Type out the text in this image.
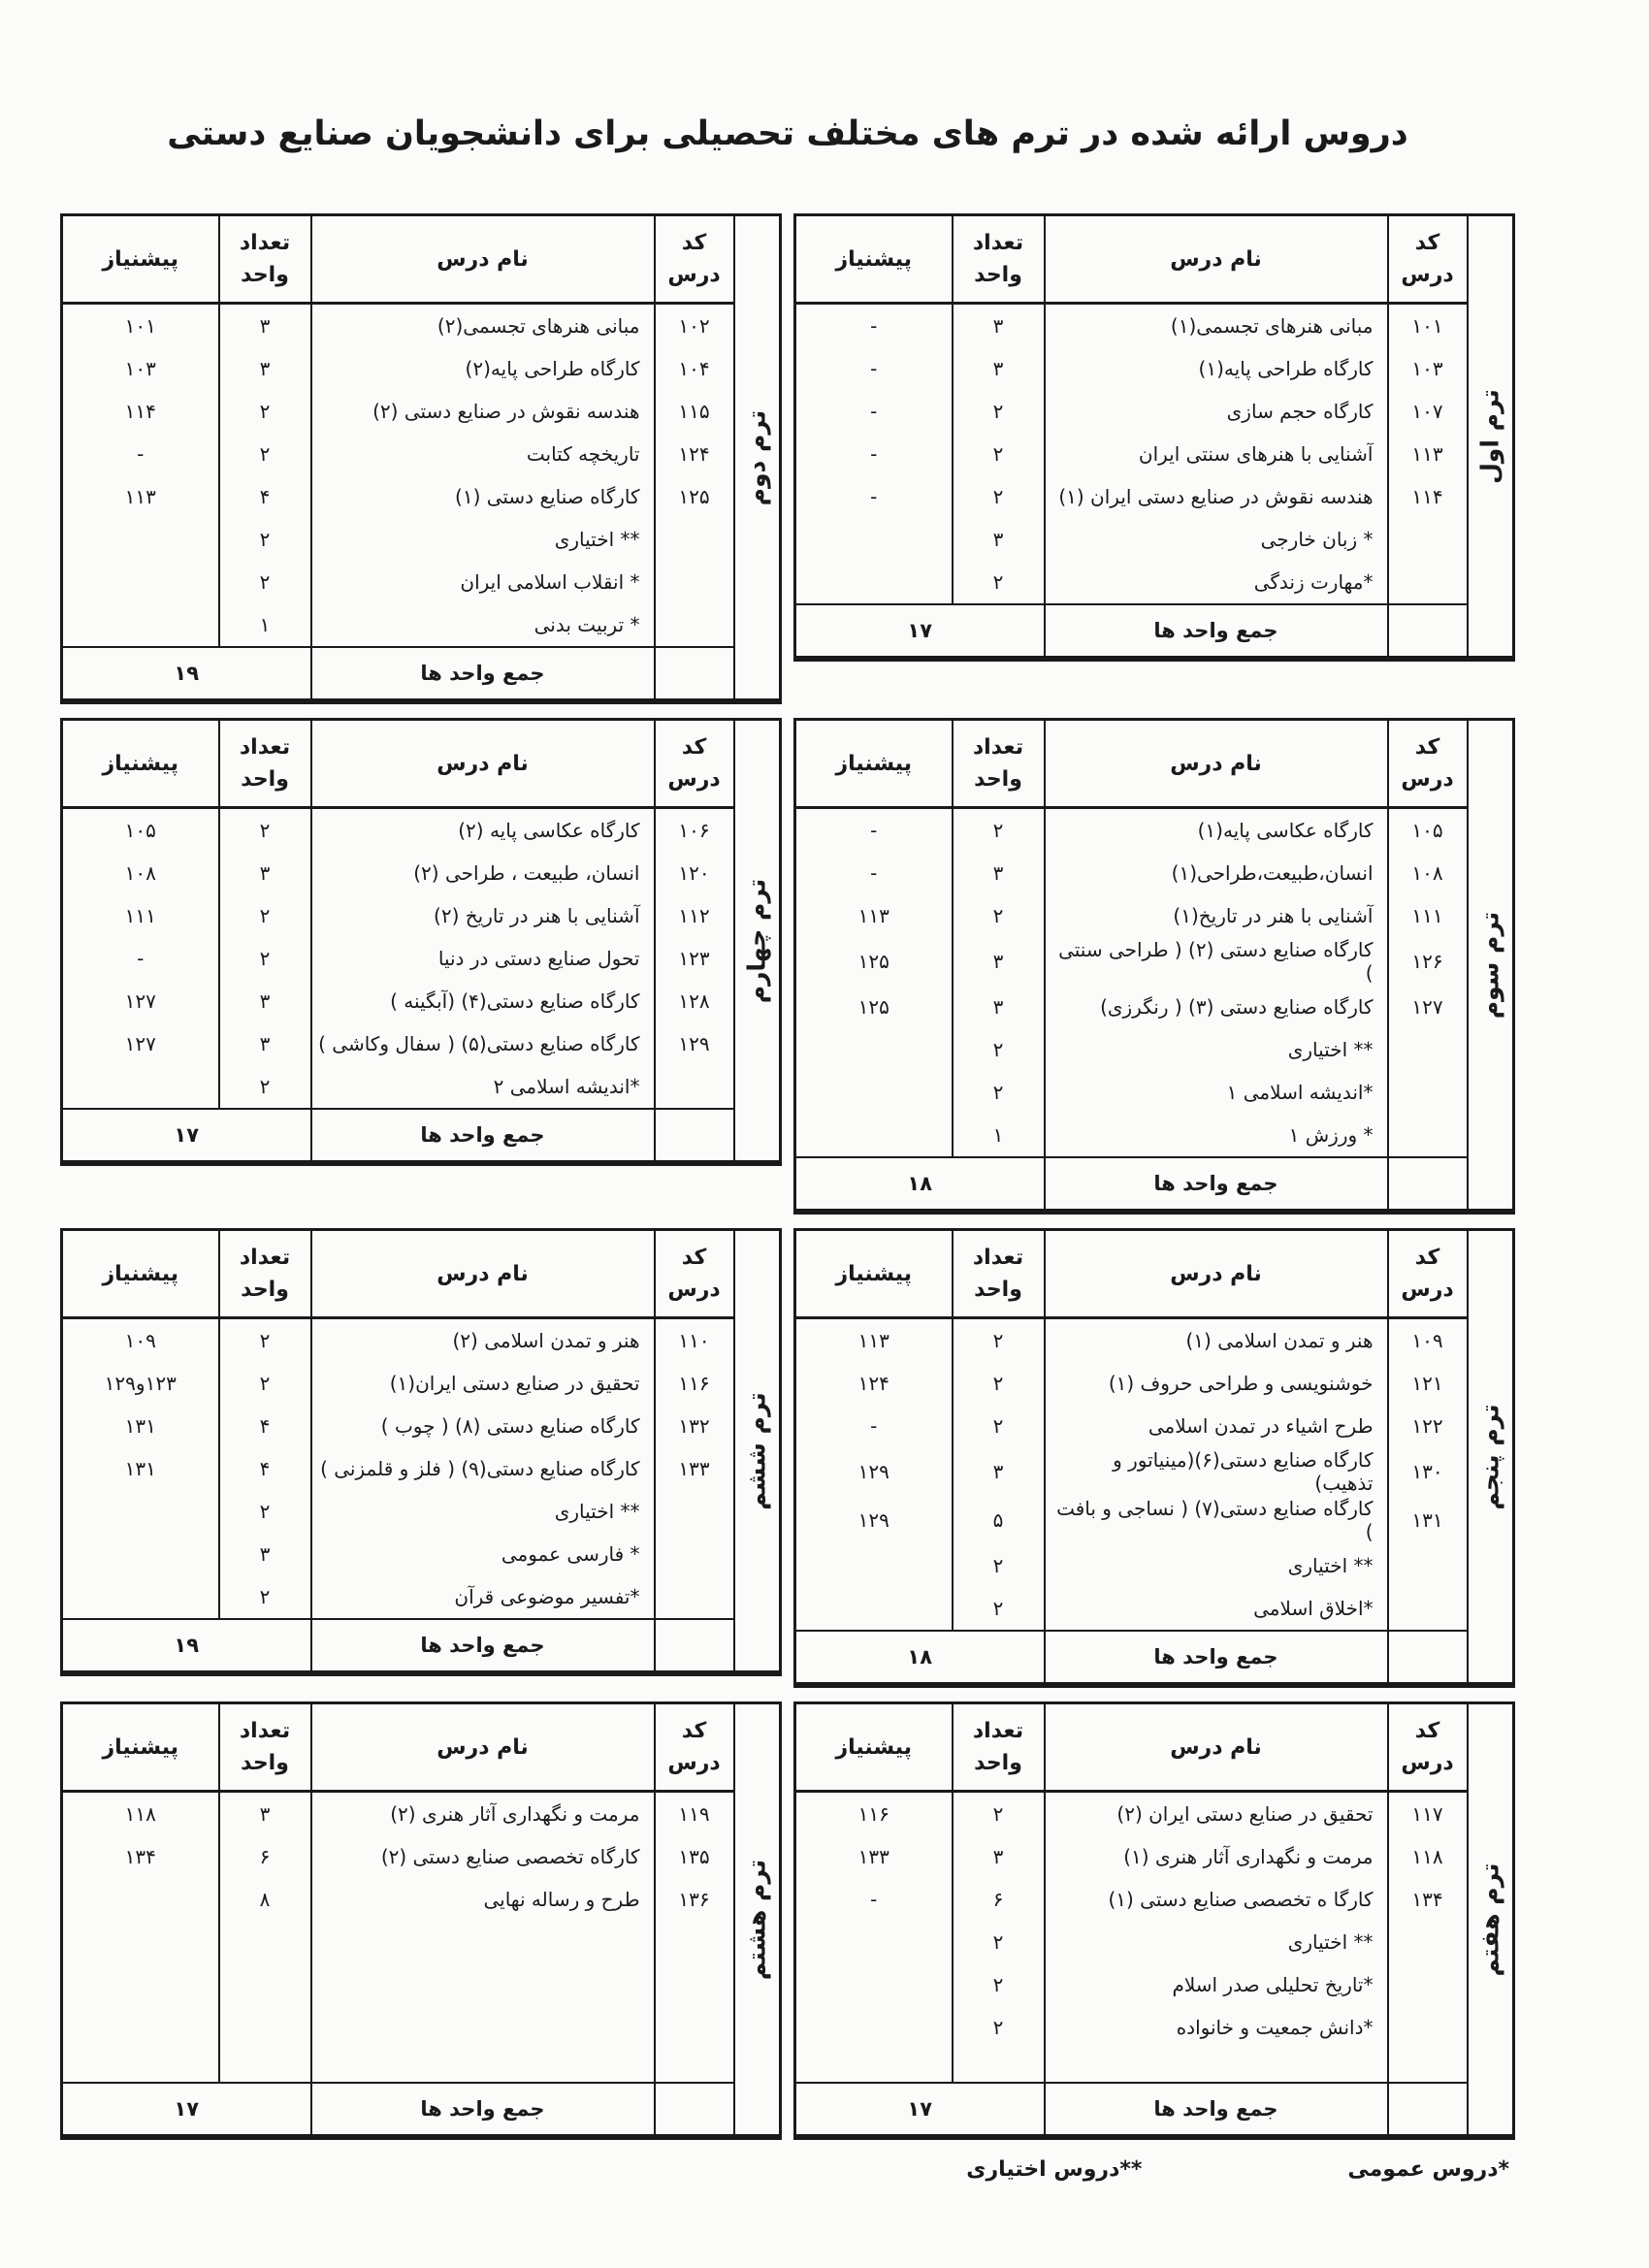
دروس ارائه شده در ترم های مختلف تحصیلی برای دانشجویان صنایع دستی
ترم اول	کد درس	نام درس	تعداد واحد	پیشنیاز
	۱۰۱	مبانی هنرهای تجسمی(۱)	۳	-
	۱۰۳	کارگاه طراحی پایه(۱)	۳	-
	۱۰۷	کارگاه حجم سازی	۲	-
	۱۱۳	آشنایی با هنرهای سنتی ایران	۲	-
	۱۱۴	هندسه نقوش در صنایع دستی ایران (۱)	۲	-
		* زبان خارجی	۳	
		*مهارت زندگی	۲	

		جمع واحد ها	۱۷	
ترم دوم	کد درس	نام درس	تعداد واحد	پیشنیاز
	۱۰۲	مبانی هنرهای تجسمی(۲)	۳	۱۰۱
	۱۰۴	کارگاه طراحی پایه(۲)	۳	۱۰۳
	۱۱۵	هندسه نقوش در صنایع دستی (۲)	۲	۱۱۴
	۱۲۴	تاریخچه کتابت	۲	-
	۱۲۵	کارگاه صنایع دستی (۱)	۴	۱۱۳
		** اختیاری	۲	
		* انقلاب اسلامی ایران	۲	
		* تربیت بدنی	۱	

		جمع واحد ها	۱۹	
ترم سوم	کد درس	نام درس	تعداد واحد	پیشنیاز
	۱۰۵	کارگاه عکاسی پایه(۱)	۲	-
	۱۰۸	انسان،طبیعت،طراحی(۱)	۳	-
	۱۱۱	آشنایی با هنر در تاریخ(۱)	۲	۱۱۳
	۱۲۶	کارگاه صنایع دستی (۲) ( طراحی سنتی )	۳	۱۲۵
	۱۲۷	کارگاه صنایع دستی (۳) ( رنگرزی)	۳	۱۲۵
		** اختیاری	۲	
		*اندیشه اسلامی ۱	۲	
		* ورزش ۱	۱	

		جمع واحد ها	۱۸	
ترم چهارم	کد درس	نام درس	تعداد واحد	پیشنیاز
	۱۰۶	کارگاه عکاسی پایه (۲)	۲	۱۰۵
	۱۲۰	انسان، طبیعت ، طراحی (۲)	۳	۱۰۸
	۱۱۲	آشنایی با هنر در تاریخ (۲)	۲	۱۱۱
	۱۲۳	تحول صنایع دستی در دنیا	۲	-
	۱۲۸	کارگاه صنایع دستی(۴) (آبگینه )	۳	۱۲۷
	۱۲۹	کارگاه صنایع دستی(۵) ( سفال وکاشی )	۳	۱۲۷
		*اندیشه اسلامی ۲	۲	

		جمع واحد ها	۱۷	
ترم پنجم	کد درس	نام درس	تعداد واحد	پیشنیاز
	۱۰۹	هنر و تمدن اسلامی (۱)	۲	۱۱۳
	۱۲۱	خوشنویسی و طراحی حروف (۱)	۲	۱۲۴
	۱۲۲	طرح اشیاء در تمدن اسلامی	۲	-
	۱۳۰	کارگاه صنایع دستی(۶)(مینیاتور و تذهیب)	۳	۱۲۹
	۱۳۱	کارگاه صنایع دستی(۷) ( نساجی و بافت )	۵	۱۲۹
		** اختیاری	۲	
		*اخلاق اسلامی	۲	

		جمع واحد ها	۱۸	
ترم ششم	کد درس	نام درس	تعداد واحد	پیشنیاز
	۱۱۰	هنر و تمدن اسلامی (۲)	۲	۱۰۹
	۱۱۶	تحقیق در صنایع دستی ایران(۱)	۲	۱۲۳و۱۲۹
	۱۳۲	کارگاه صنایع دستی (۸) ( چوب )	۴	۱۳۱
	۱۳۳	کارگاه صنایع دستی(۹) ( فلز و قلمزنی )	۴	۱۳۱
		** اختیاری	۲	
		* فارسی عمومی	۳	
		*تفسیر موضوعی قرآن	۲	

		جمع واحد ها	۱۹	
ترم هفتم	کد درس	نام درس	تعداد واحد	پیشنیاز
	۱۱۷	تحقیق در صنایع دستی ایران (۲)	۲	۱۱۶
	۱۱۸	مرمت و نگهداری آثار هنری (۱)	۳	۱۳۳
	۱۳۴	کارگا ه تخصصی صنایع دستی (۱)	۶	-
		** اختیاری	۲	
		*تاریخ تحلیلی صدر اسلام	۲	
		*دانش جمعیت و خانواده	۲	

		جمع واحد ها	۱۷	
ترم هشتم	کد درس	نام درس	تعداد واحد	پیشنیاز
	۱۱۹	مرمت و نگهداری آثار هنری (۲)	۳	۱۱۸
	۱۳۵	کارگاه تخصصی صنایع دستی (۲)	۶	۱۳۴
	۱۳۶	طرح و رساله نهایی	۸	

		جمع واحد ها	۱۷	
*دروس عمومی
**دروس اختیاری
